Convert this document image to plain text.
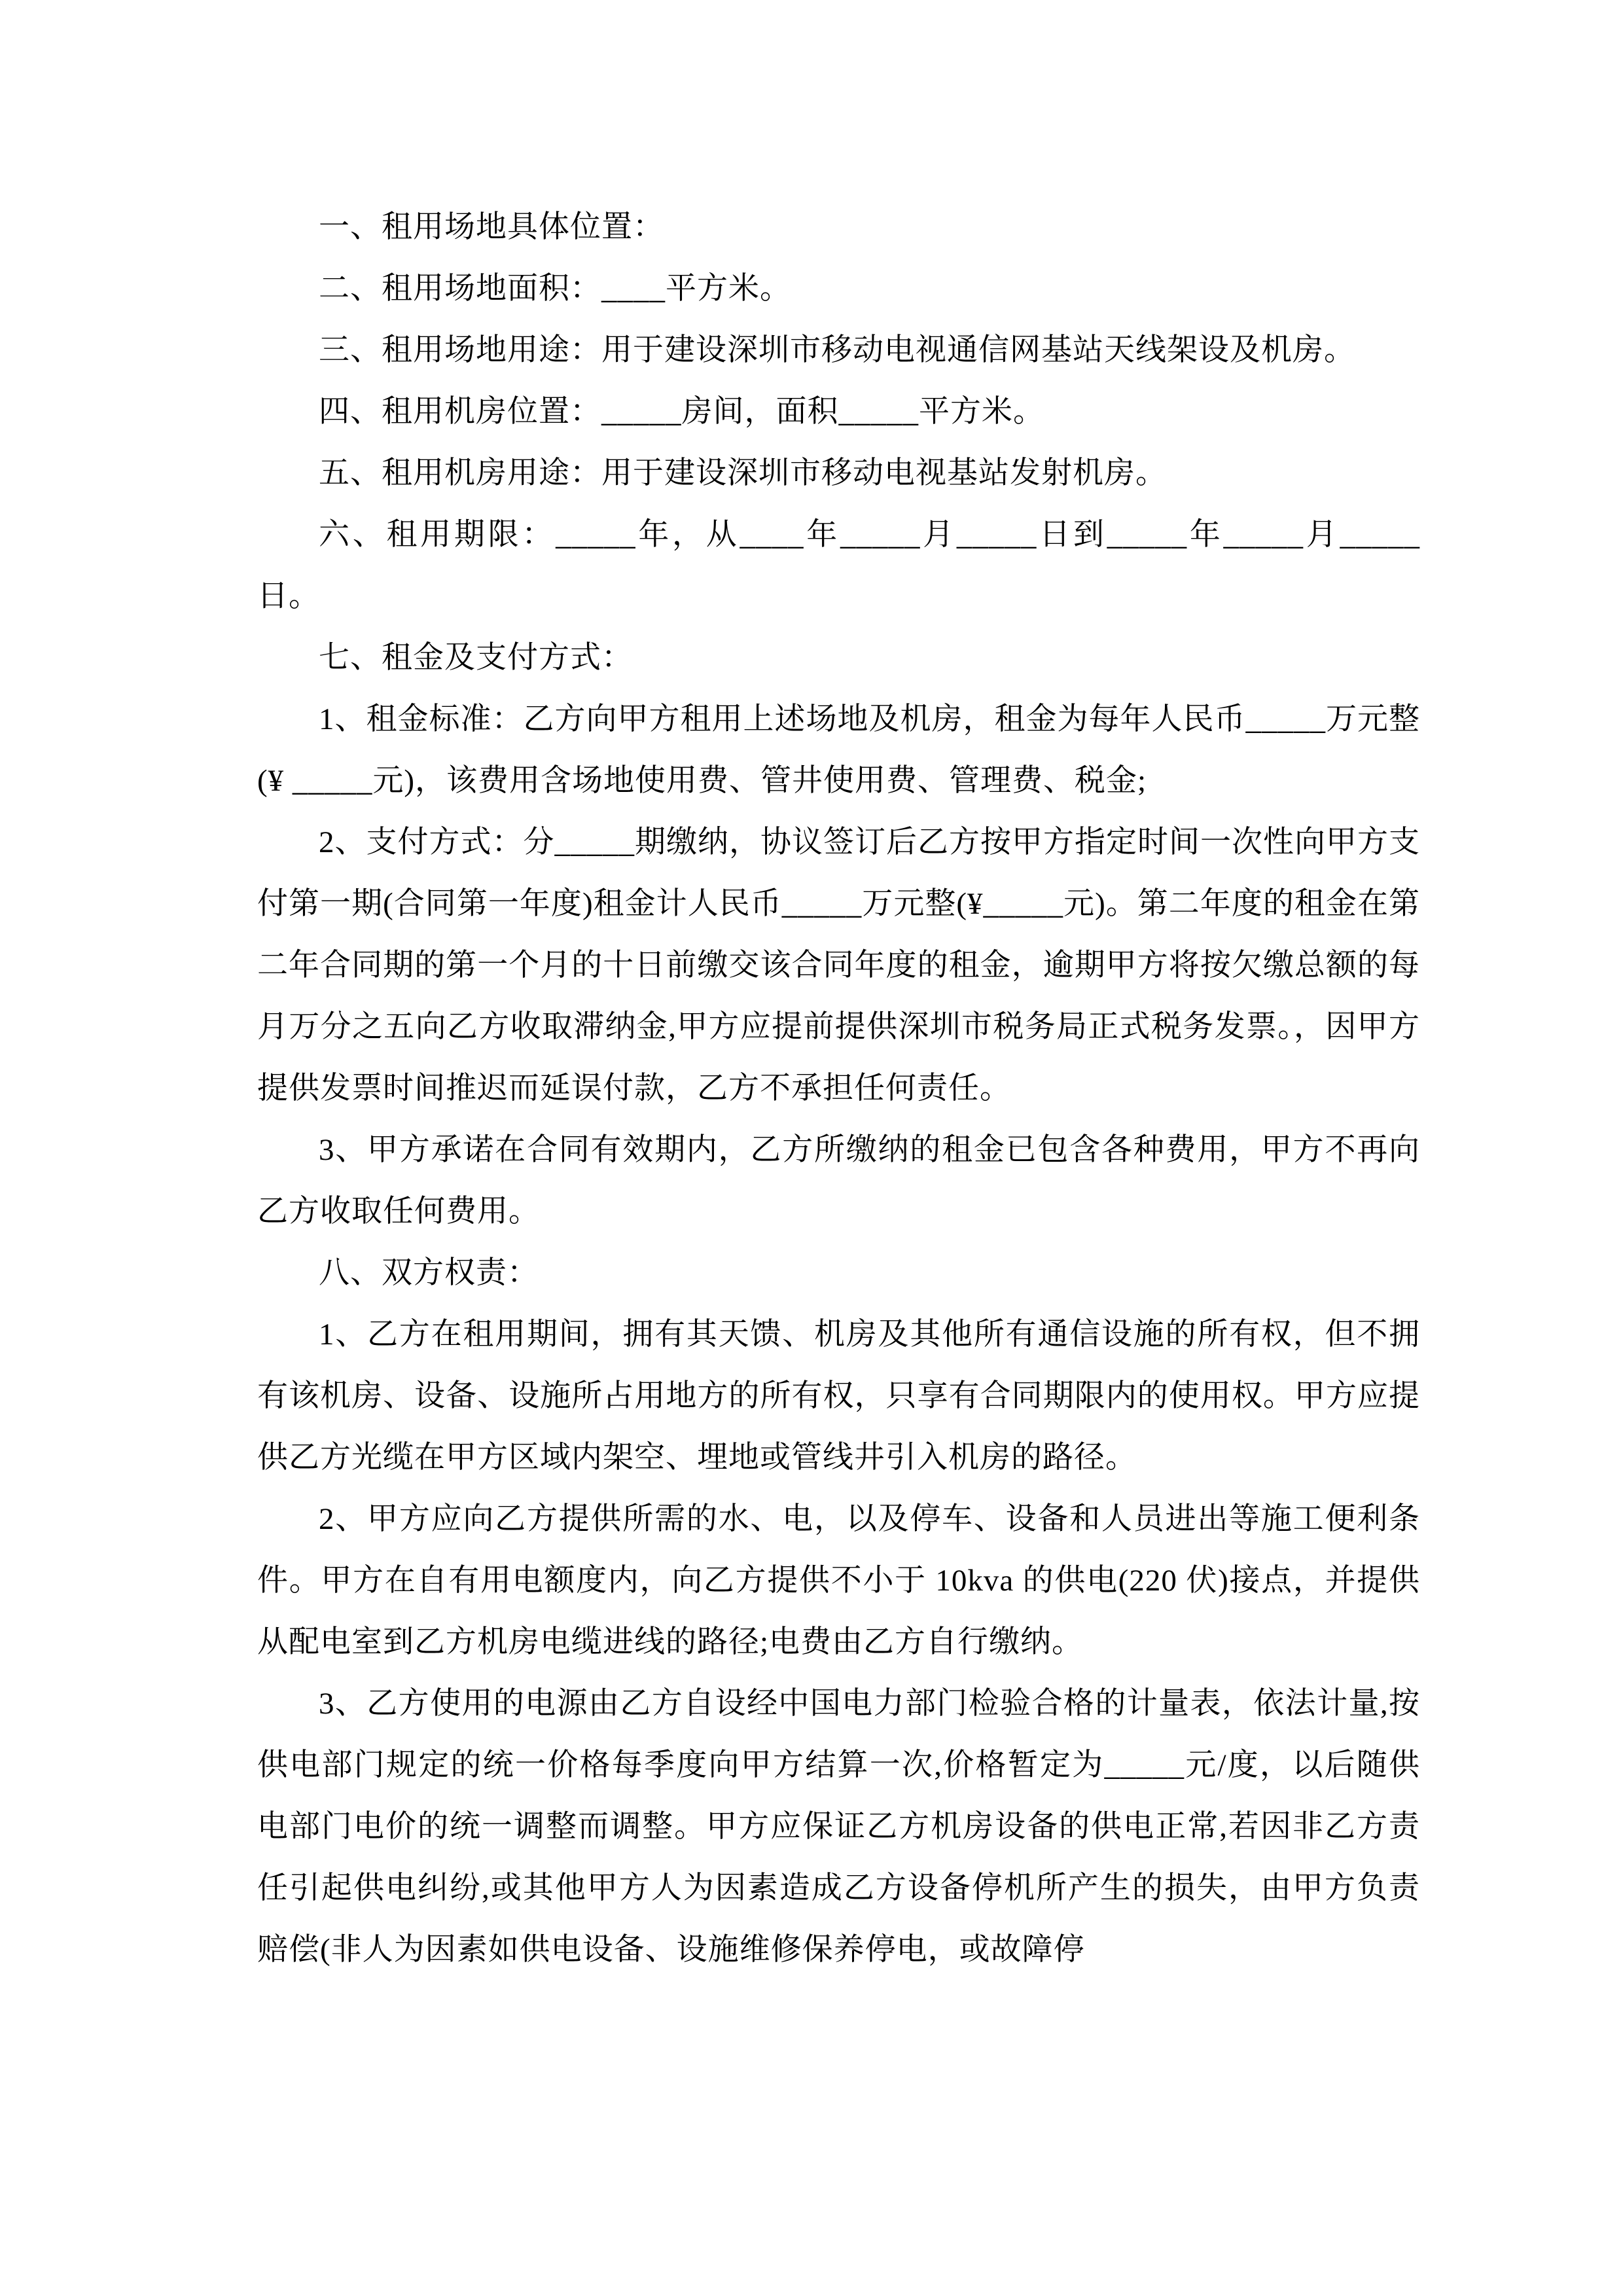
一、租用场地具体位置：

二、租用场地面积：____平方米。

三、租用场地用途：用于建设深圳市移动电视通信网基站天线架设及机房。

四、租用机房位置：_____房间，面积_____平方米。

五、租用机房用途：用于建设深圳市移动电视基站发射机房。

六、租用期限：_____年，从____年_____月_____日到_____年_____月_____日。

七、租金及支付方式：

1、租金标准：乙方向甲方租用上述场地及机房，租金为每年人民币_____万元整(¥ _____元)，该费用含场地使用费、管井使用费、管理费、税金;

2、支付方式：分_____期缴纳，协议签订后乙方按甲方指定时间一次性向甲方支付第一期(合同第一年度)租金计人民币_____万元整(¥_____元)。第二年度的租金在第二年合同期的第一个月的十日前缴交该合同年度的租金，逾期甲方将按欠缴总额的每月万分之五向乙方收取滞纳金,甲方应提前提供深圳市税务局正式税务发票。，因甲方提供发票时间推迟而延误付款，乙方不承担任何责任。

3、甲方承诺在合同有效期内，乙方所缴纳的租金已包含各种费用，甲方不再向乙方收取任何费用。

八、双方权责：

1、乙方在租用期间，拥有其天馈、机房及其他所有通信设施的所有权，但不拥有该机房、设备、设施所占用地方的所有权，只享有合同期限内的使用权。甲方应提供乙方光缆在甲方区域内架空、埋地或管线井引入机房的路径。

2、甲方应向乙方提供所需的水、电，以及停车、设备和人员进出等施工便利条件。甲方在自有用电额度内，向乙方提供不小于 10kva 的供电(220 伏)接点，并提供从配电室到乙方机房电缆进线的路径;电费由乙方自行缴纳。

3、乙方使用的电源由乙方自设经中国电力部门检验合格的计量表，依法计量,按供电部门规定的统一价格每季度向甲方结算一次,价格暂定为_____元/度，以后随供电部门电价的统一调整而调整。甲方应保证乙方机房设备的供电正常,若因非乙方责任引起供电纠纷,或其他甲方人为因素造成乙方设备停机所产生的损失，由甲方负责赔偿(非人为因素如供电设备、设施维修保养停电，或故障停
